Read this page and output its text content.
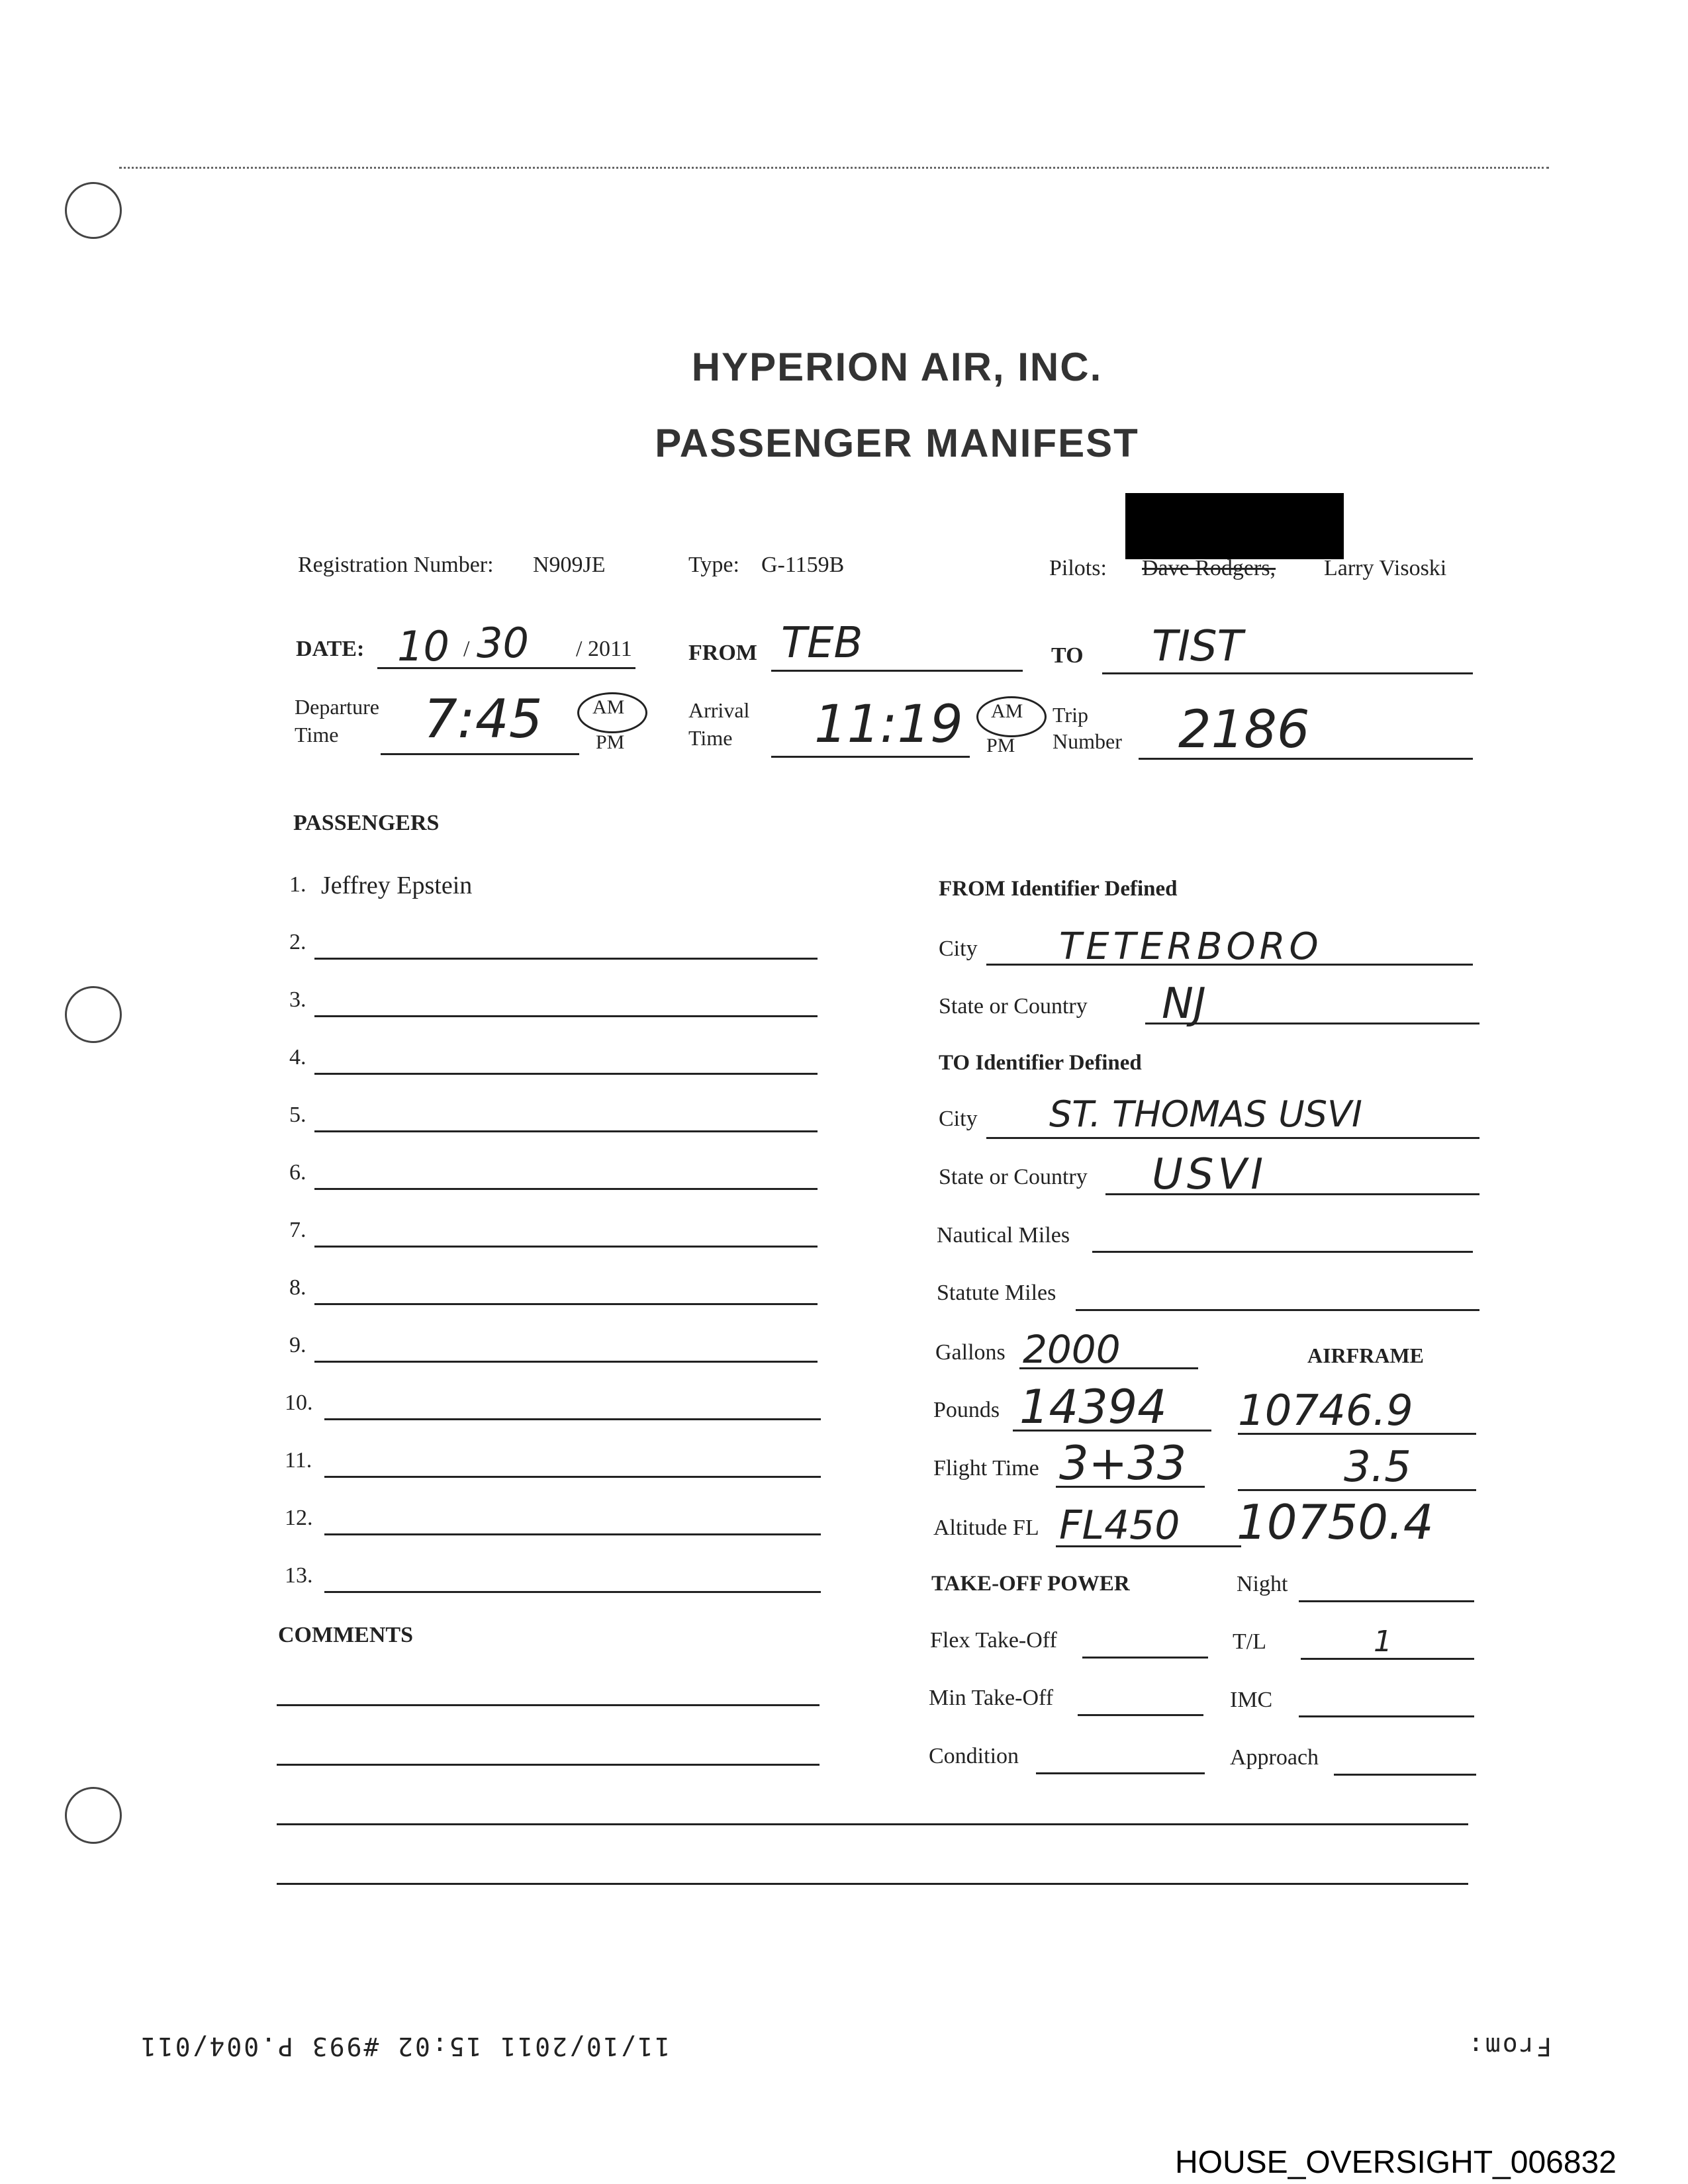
HYPERION AIR, INC.
PASSENGER MANIFEST
Registration Number: N909JE	Type: G-1159B	Pilots: Dave Rodgers, Larry Visoski
DATE: 10 / 30 / 2011	FROM TEB	TO TIST
Departure
Time 7:45	AM
PM
Arrival
Time 11:19 AM
PM
Trip
Number 2186
PASSENGERS
1. Jeffrey Epstein
2.
3.
4.
5.
6.
7.
8.
9.
10.
11.
12.
13.
COMMENTS
FROM Identifier Defined
City TETERBORO
State or Country NJ
TO Identifier Defined
City ST. THOMAS USVI
State or Country USVI
Nautical Miles
Statute Miles
Gallons 2000	AIRFRAME
Pounds 14394 10746.9
Flight Time 3+33	3.5
Altitude FL FL450 10750.4
TAKE-OFF POWER	Night
Flex Take-Off	T/L	1
Min Take-Off	IMC
Condition	Approach
11/10/2011 15:02 #993 P.004/011	From:
HOUSE_OVERSIGHT_006832
